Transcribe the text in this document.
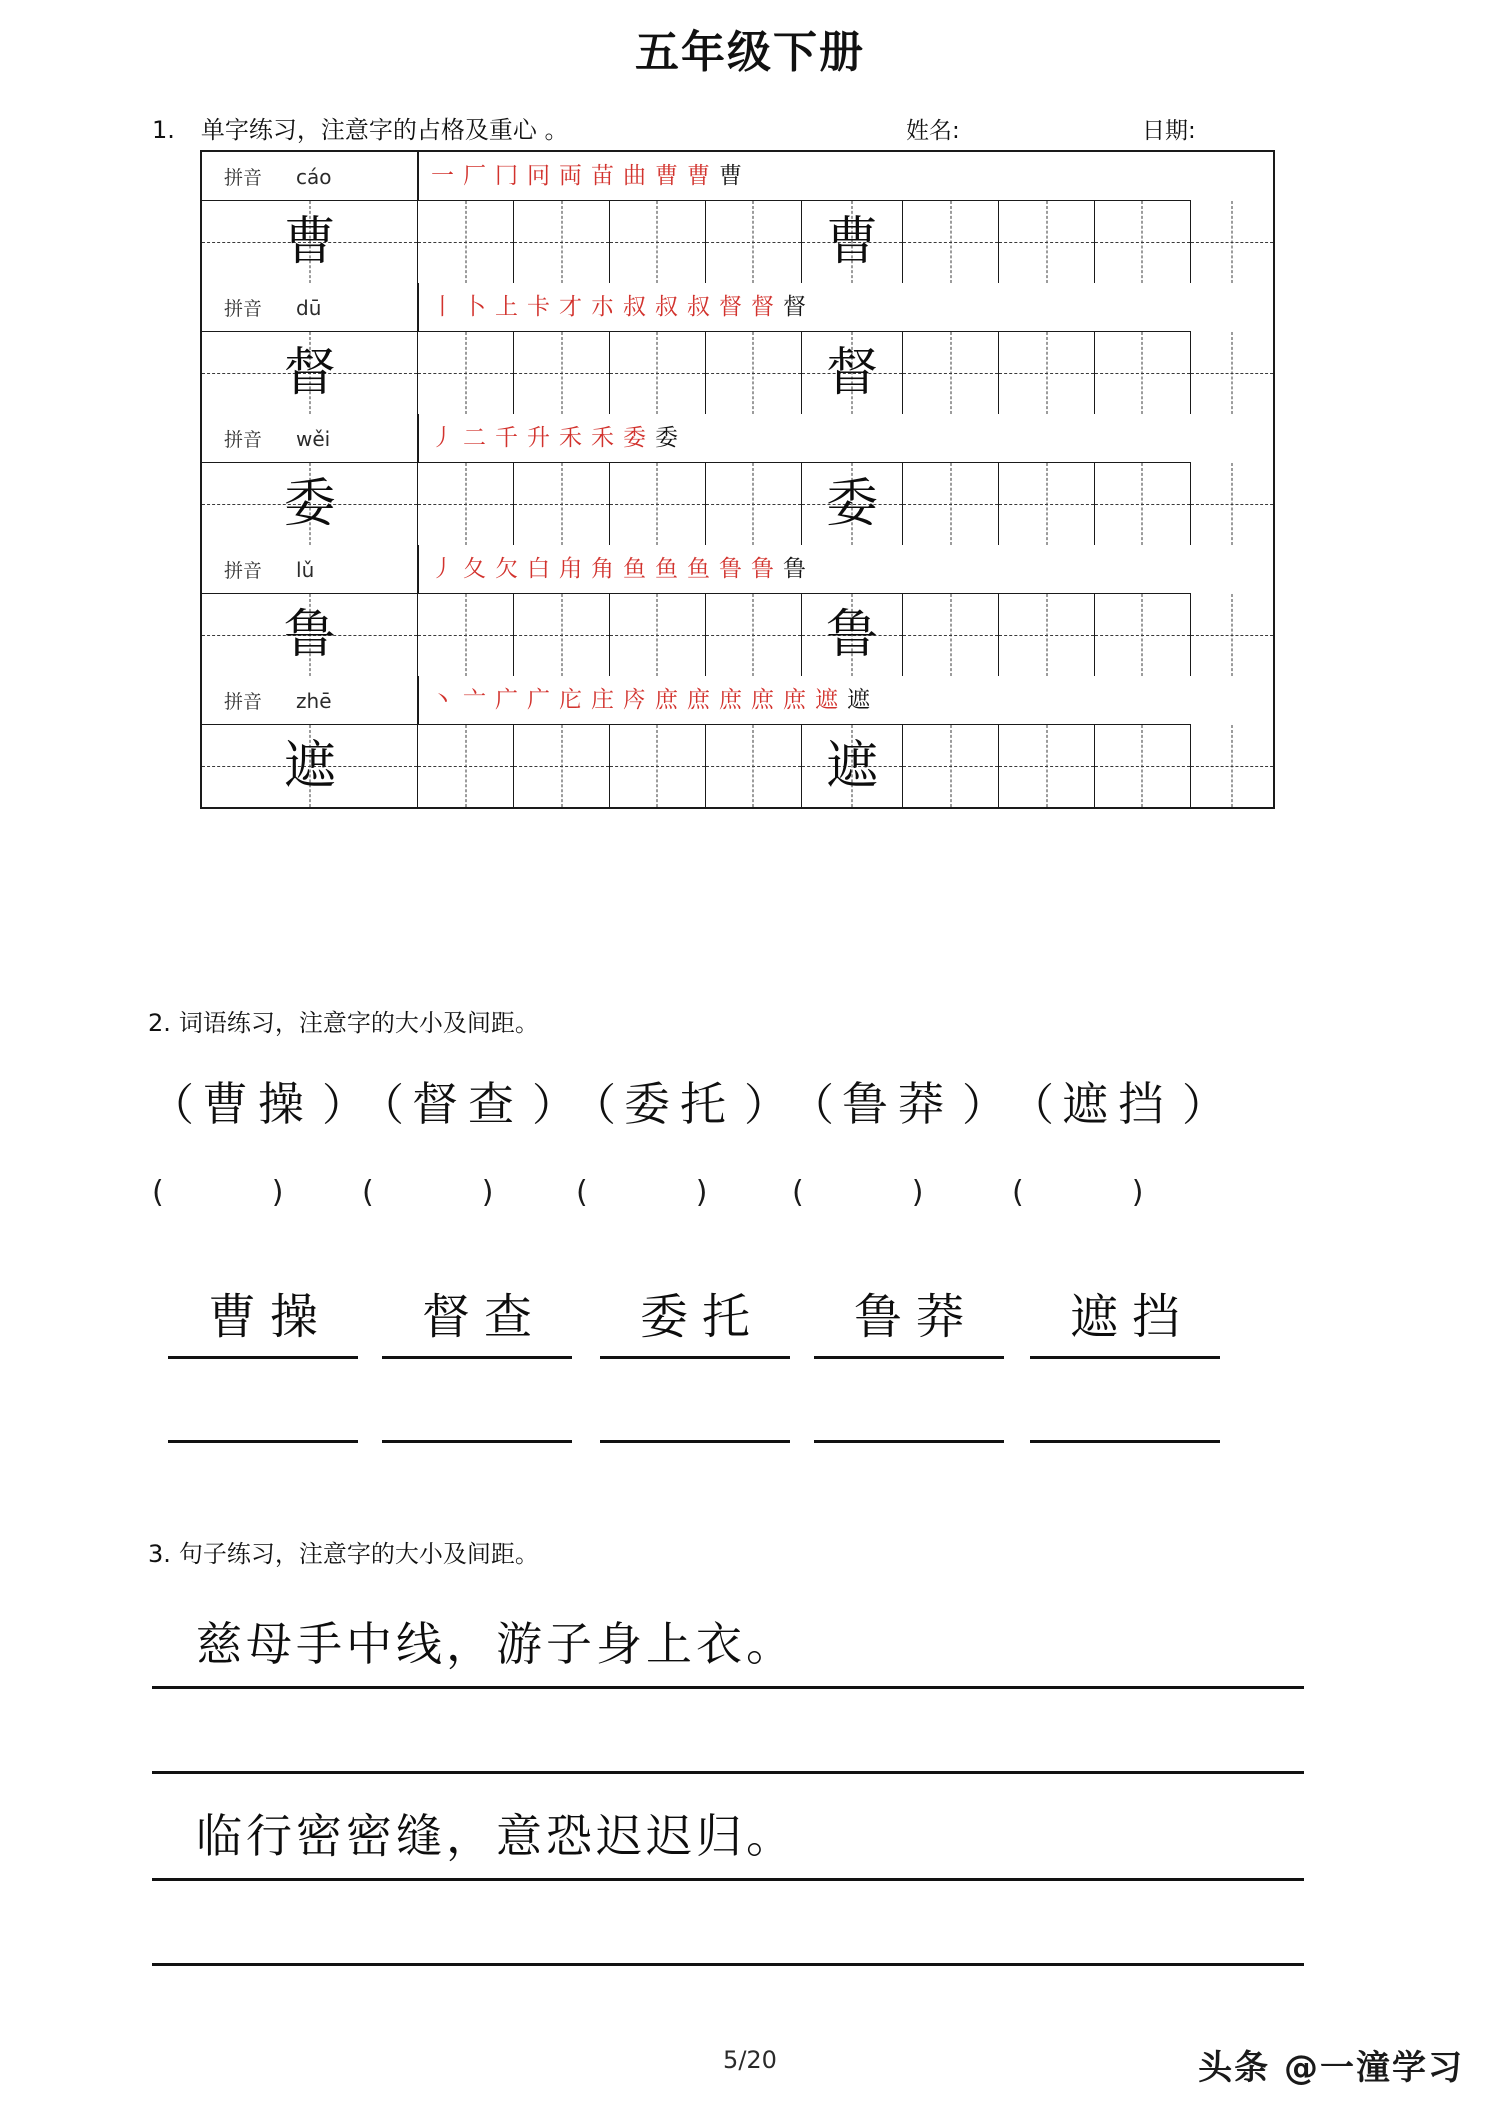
五年级下册
1. 单字练习，注意字的占格及重心 。	姓名:	日期:
拼音 cáo	一 厂 冂 冋 両 苗 曲 曹 曹 曹								

曹					曹	

拼音 dū	丨 卜 上 卡 才 朩 叔 叔 叔 督 督 督								

督					督	

拼音 wěi	丿 二 千 升 禾 禾 委 委								

委					委	

拼音 lǔ	丿 夂 欠 白 甪 角 鱼 鱼 鱼 鲁 鲁 鲁								

鲁					鲁	

拼音 zhē	丶 亠 广 广 庀 庄 庈 庶 庶 庶 庶 庶 遮 遮								

遮					遮	

2. 词语练习，注意字的大小及间距。
（ 曹操 ）
（ 督查 ）
（ 委托 ） （ 鲁莽 ） （ 遮挡 ）
(	)	(	)	(	)	(	)	(	)
曹操	督查	委托	鲁莽	遮挡
3. 句子练习，注意字的大小及间距。
慈母手中线，游子身上衣。
临行密密缝，意恐迟迟归。
5/20	头条 @一潼学习
